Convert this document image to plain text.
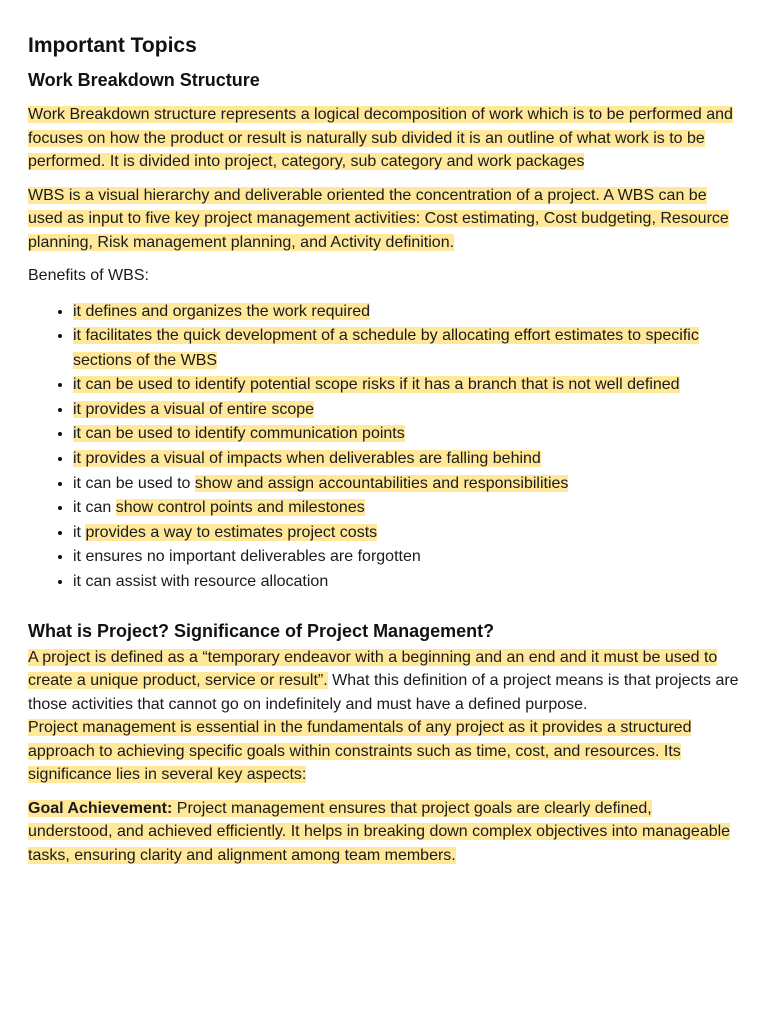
Important Topics
Work Breakdown Structure

Work Breakdown structure represents a logical decomposition of work which is to be performed and focuses on how the product or result is naturally sub divided it is an outline of what work is to be performed. It is divided into project, category, sub category and work packages

WBS is a visual hierarchy and deliverable oriented the concentration of a project. A WBS can be used as input to five key project management activities: Cost estimating, Cost budgeting, Resource planning, Risk management planning, and Activity definition.

Benefits of WBS:

• it defines and organizes the work required
• it facilitates the quick development of a schedule by allocating effort estimates to specific sections of the WBS
• it can be used to identify potential scope risks if it has a branch that is not well defined
• it provides a visual of entire scope
• it can be used to identify communication points
• it provides a visual of impacts when deliverables are falling behind
• it can be used to show and assign accountabilities and responsibilities
• it can show control points and milestones
• it provides a way to estimates project costs
• it ensures no important deliverables are forgotten
• it can assist with resource allocation
What is Project? Significance of Project Management?

A project is defined as a “temporary endeavor with a beginning and an end and it must be used to create a unique product, service or result”. What this definition of a project means is that projects are those activities that cannot go on indefinitely and must have a defined purpose.

Project management is essential in the fundamentals of any project as it provides a structured approach to achieving specific goals within constraints such as time, cost, and resources. Its significance lies in several key aspects:

Goal Achievement: Project management ensures that project goals are clearly defined, understood, and achieved efficiently. It helps in breaking down complex objectives into manageable tasks, ensuring clarity and alignment among team members.
